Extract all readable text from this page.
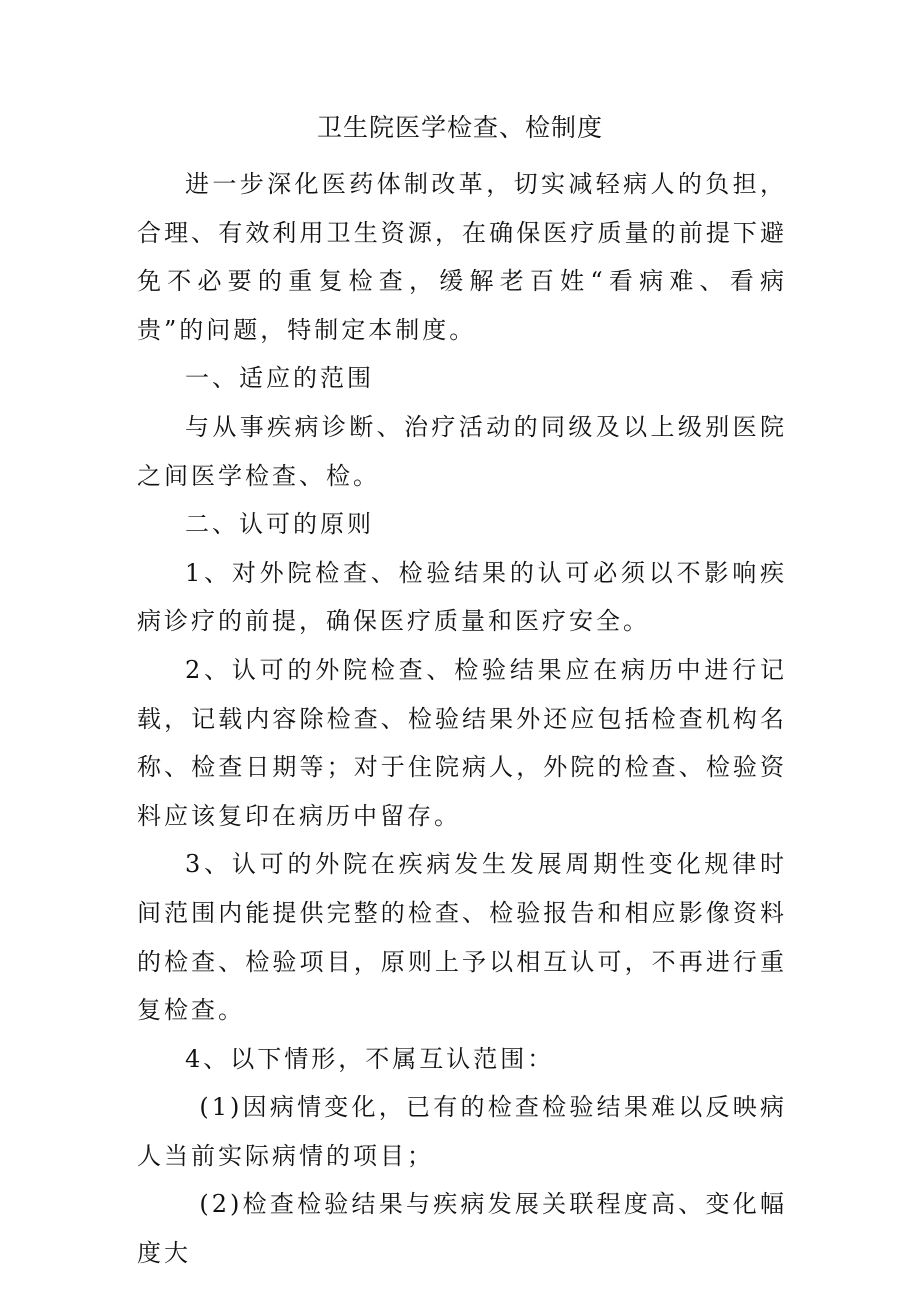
卫生院医学检查、检制度

进一步深化医药体制改革，切实减轻病人的负担，合理、有效利用卫生资源，在确保医疗质量的前提下避免不必要的重复检查，缓解老百姓“看病难、看病贵”的问题，特制定本制度。

一、适应的范围

与从事疾病诊断、治疗活动的同级及以上级别医院之间医学检查、检。

二、认可的原则

1、对外院检查、检验结果的认可必须以不影响疾病诊疗的前提，确保医疗质量和医疗安全。

2、认可的外院检查、检验结果应在病历中进行记载，记载内容除检查、检验结果外还应包括检查机构名称、检查日期等；对于住院病人，外院的检查、检验资料应该复印在病历中留存。

3、认可的外院在疾病发生发展周期性变化规律时间范围内能提供完整的检查、检验报告和相应影像资料的检查、检验项目，原则上予以相互认可，不再进行重复检查。

4、以下情形，不属互认范围：

(1)因病情变化，已有的检查检验结果难以反映病人当前实际病情的项目；

(2)检查检验结果与疾病发展关联程度高、变化幅度大
